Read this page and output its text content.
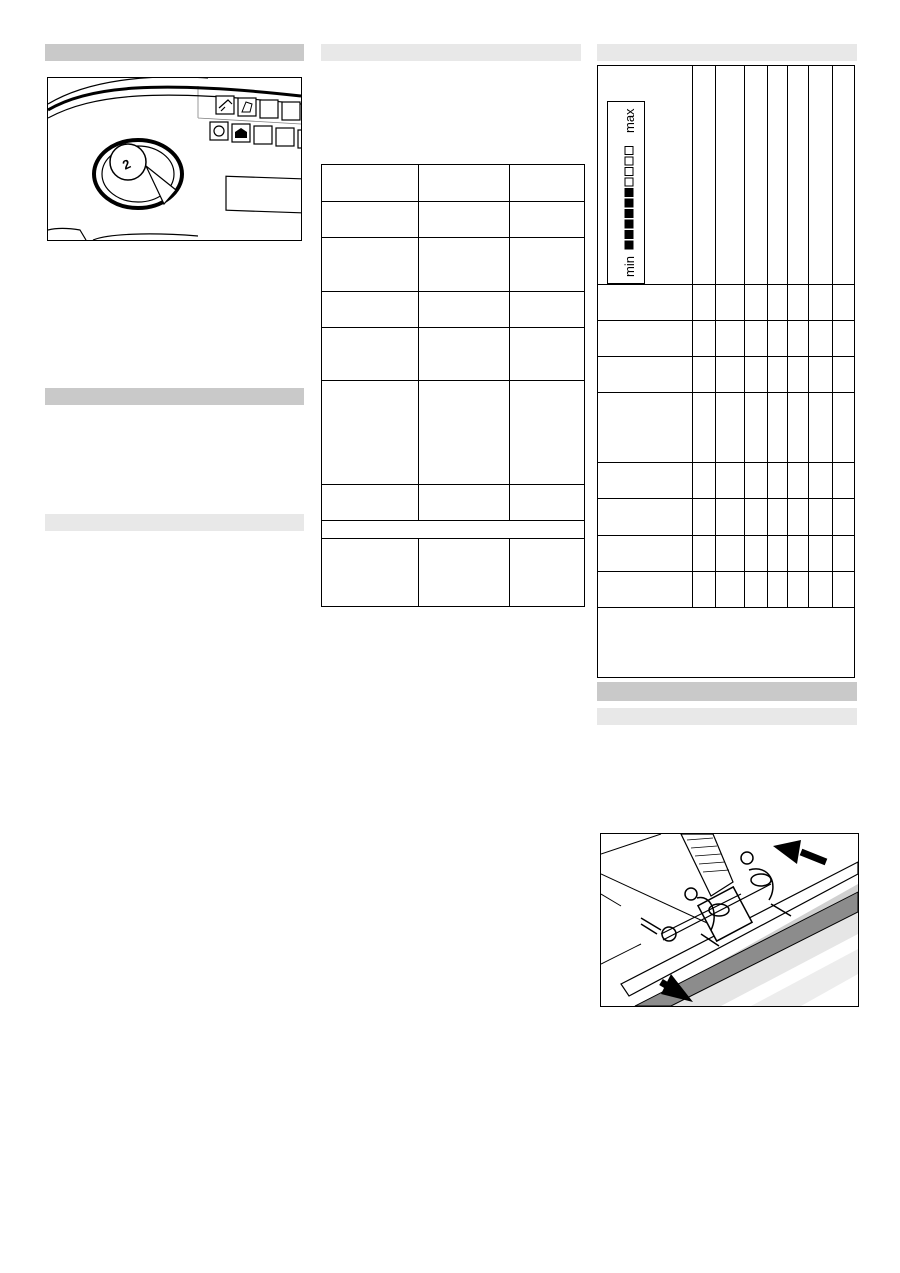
2

max
min							
